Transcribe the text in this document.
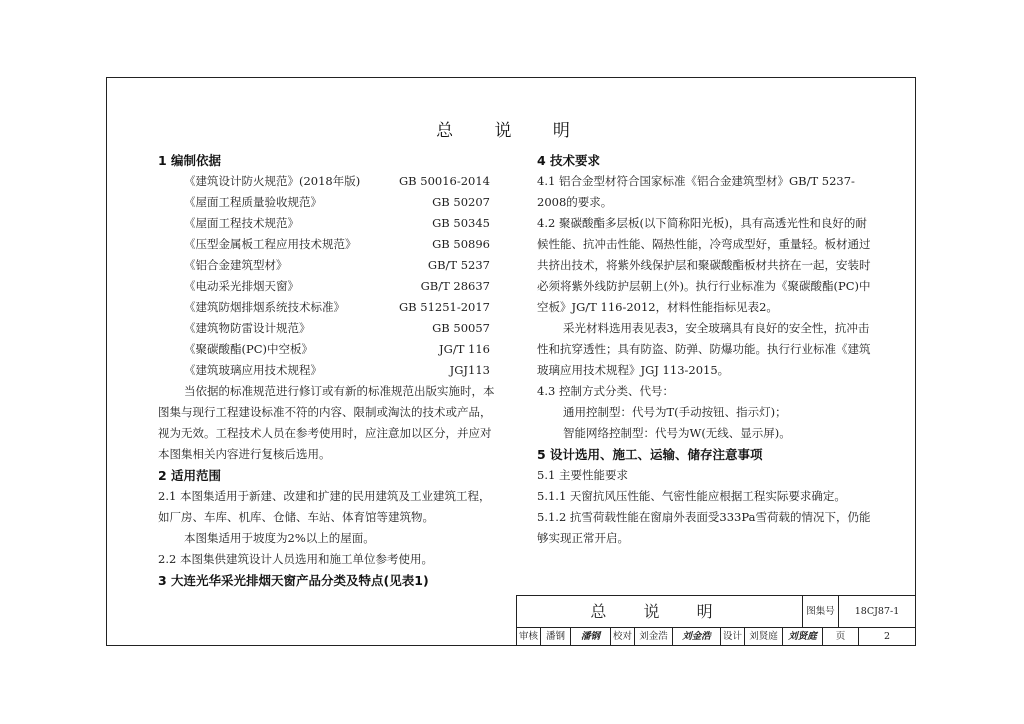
总 说 明

1 编制依据

《建筑设计防火规范》(2018年版)	GB 50016-2014
《屋面工程质量验收规范》	GB 50207
《屋面工程技术规范》	GB 50345
《压型金属板工程应用技术规范》	GB 50896
《铝合金建筑型材》	GB/T 5237
《电动采光排烟天窗》	GB/T 28637
《建筑防烟排烟系统技术标准》	GB 51251-2017
《建筑物防雷设计规范》	GB 50057
《聚碳酸酯(PC)中空板》	JG/T 116
《建筑玻璃应用技术规程》	JGJ113

当依据的标准规范进行修订或有新的标准规范出版实施时，本图集与现行工程建设标准不符的内容、限制或淘汰的技术或产品，视为无效。工程技术人员在参考使用时，应注意加以区分，并应对本图集相关内容进行复核后选用。

2 适用范围

2.1 本图集适用于新建、改建和扩建的民用建筑及工业建筑工程，如厂房、车库、机库、仓储、车站、体育馆等建筑物。

本图集适用于坡度为2%以上的屋面。

2.2 本图集供建筑设计人员选用和施工单位参考使用。

3 大连光华采光排烟天窗产品分类及特点(见表1)

4 技术要求

4.1 铝合金型材符合国家标准《铝合金建筑型材》GB/T 5237-2008的要求。

4.2 聚碳酸酯多层板(以下简称阳光板)，具有高透光性和良好的耐候性能、抗冲击性能、隔热性能，冷弯成型好，重量轻。板材通过共挤出技术，将紫外线保护层和聚碳酸酯板材共挤在一起，安装时必须将紫外线防护层朝上(外)。执行行业标准为《聚碳酸酯(PC)中空板》JG/T 116-2012，材料性能指标见表2。

采光材料选用表见表3，安全玻璃具有良好的安全性，抗冲击性和抗穿透性；具有防盗、防弹、防爆功能。执行行业标准《建筑玻璃应用技术规程》JGJ 113-2015。

4.3 控制方式分类、代号：

通用控制型：代号为T(手动按钮、指示灯)；

智能网络控制型：代号为W(无线、显示屏)。

5 设计选用、施工、运输、储存注意事项

5.1 主要性能要求

5.1.1 天窗抗风压性能、气密性能应根据工程实际要求确定。

5.1.2 抗雪荷载性能在窗扇外表面受333Pa雪荷载的情况下，仍能够实现正常开启。

总 说 明	图集号	18CJ87-1
审核 潘钢	潘钢	校对 刘金浩	刘金浩	设计 刘贤庭	刘贤庭	页	2
